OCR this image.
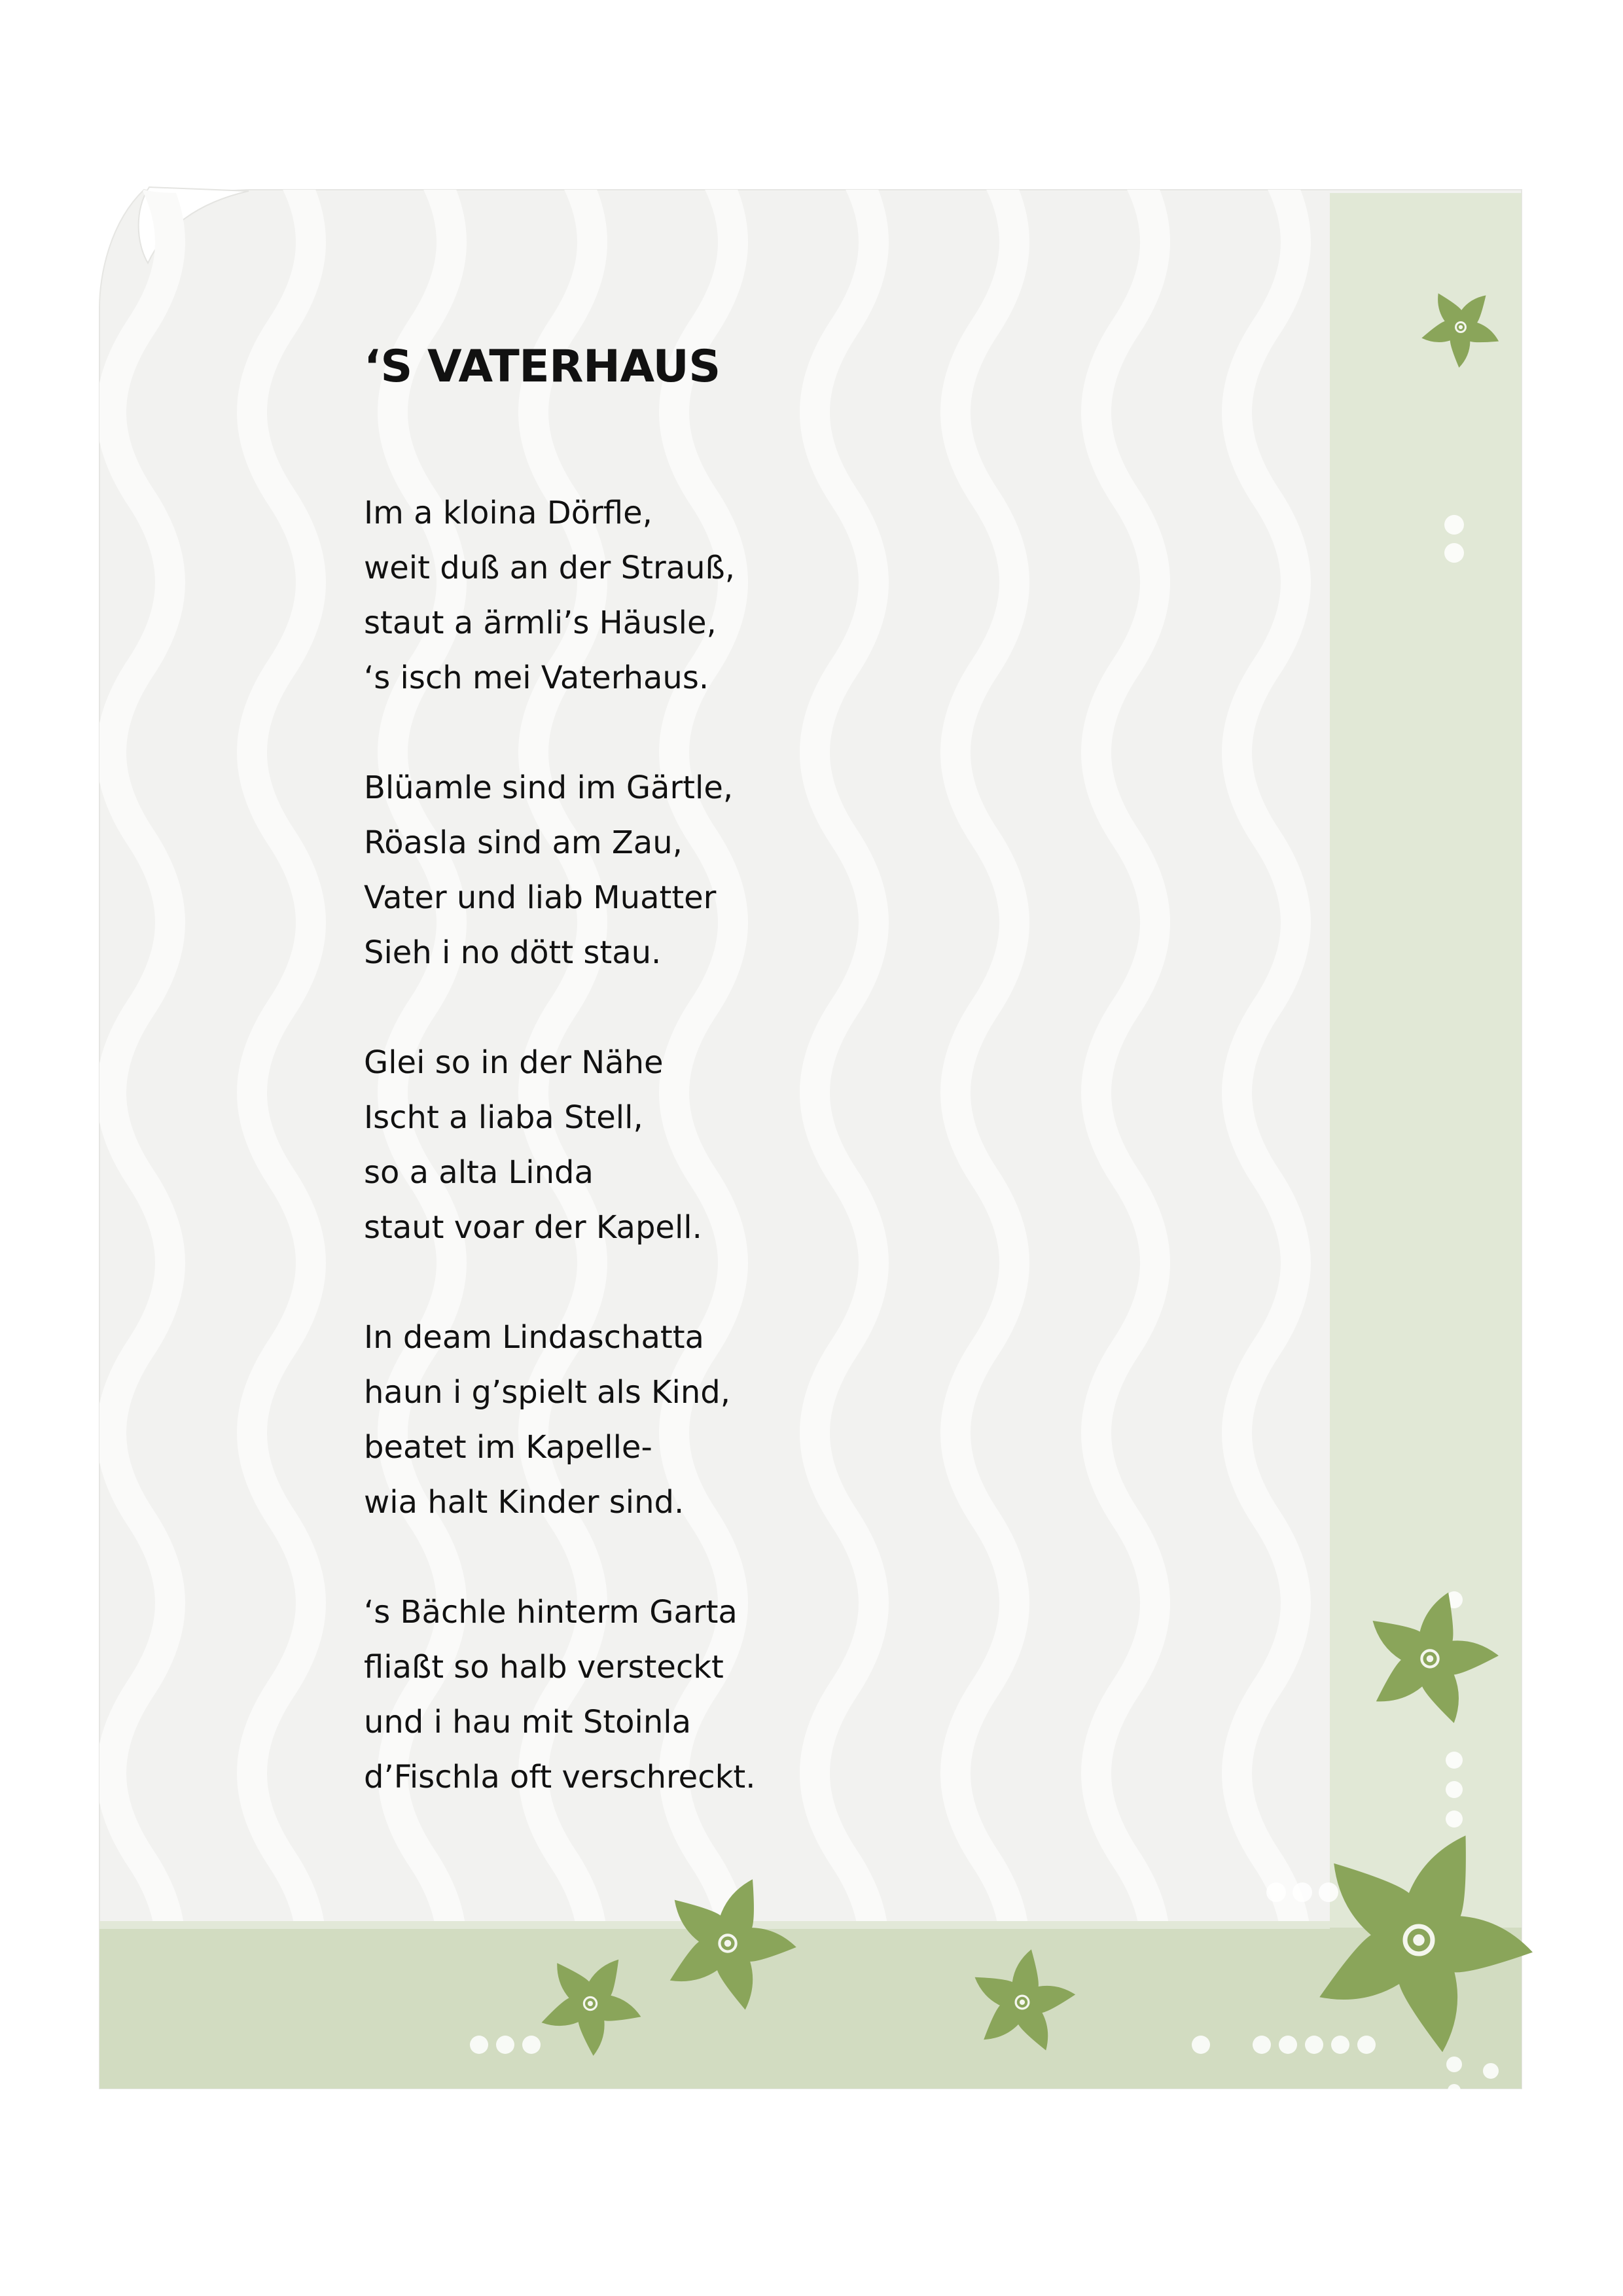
‘S VATERHAUS
Im a kloina Dörfle,
weit duß an der Strauß,
staut a ärmli’s Häusle,
‘s isch mei Vaterhaus.
Blüamle sind im Gärtle,
Röasla sind am Zau,
Vater und liab Muatter
Sieh i no dött stau.
Glei so in der Nähe
Ischt a liaba Stell,
so a alta Linda
staut voar der Kapell.
In deam Lindaschatta
haun i g’spielt als Kind,
beatet im Kapelle-
wia halt Kinder sind.
‘s Bächle hinterm Garta
fliaßt so halb versteckt
und i hau mit Stoinla
d’Fischla oft verschreckt.
